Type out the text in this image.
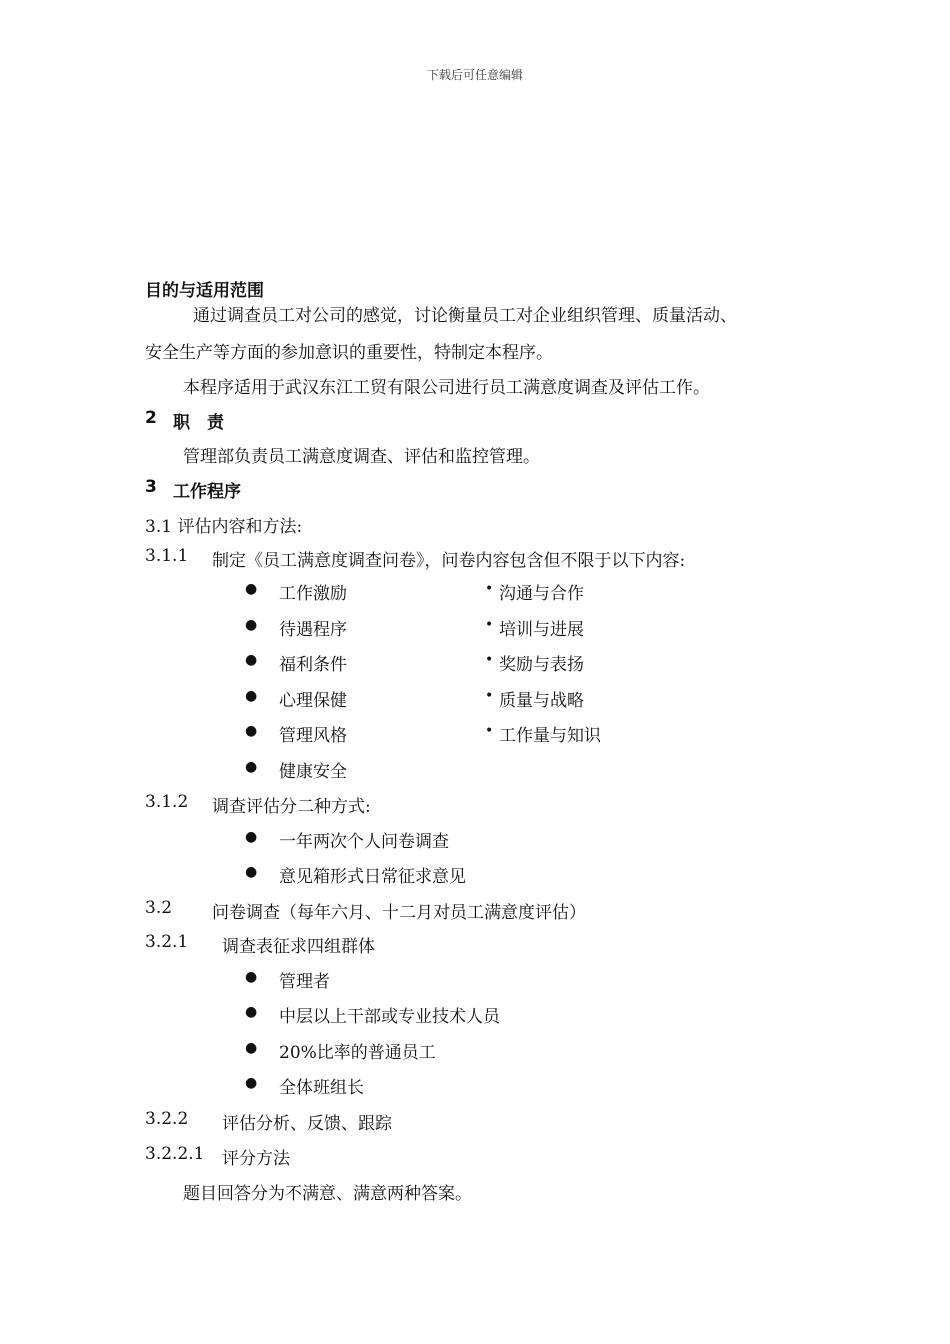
下载后可任意编辑
目的与适用范围
通过调查员工对公司的感觉，讨论衡量员工对企业组织管理、质量活动、
安全生产等方面的参加意识的重要性，特制定本程序。
本程序适用于武汉东江工贸有限公司进行员工满意度调查及评估工作。
2 职　责
管理部负责员工满意度调查、评估和监控管理。
3 工作程序
3.1 评估内容和方法:
3.1.1 制定《员工满意度调查问卷》，问卷内容包含但不限于以下内容:
● 工作激励
● 待遇程序
● 福利条件
● 心理保健
● 管理风格
● 健康安全
• 沟通与合作
• 培训与进展
• 奖励与表扬
• 质量与战略
• 工作量与知识
3.1.2 调查评估分二种方式:
● 一年两次个人问卷调查
● 意见箱形式日常征求意见
3.2 问卷调查（每年六月、十二月对员工满意度评估）
3.2.1 调查表征求四组群体
● 管理者
● 中层以上干部或专业技术人员
● 20%比率的普通员工
● 全体班组长
3.2.2 评估分析、反馈、跟踪
3.2.2.1 评分方法
题目回答分为不满意、满意两种答案。
